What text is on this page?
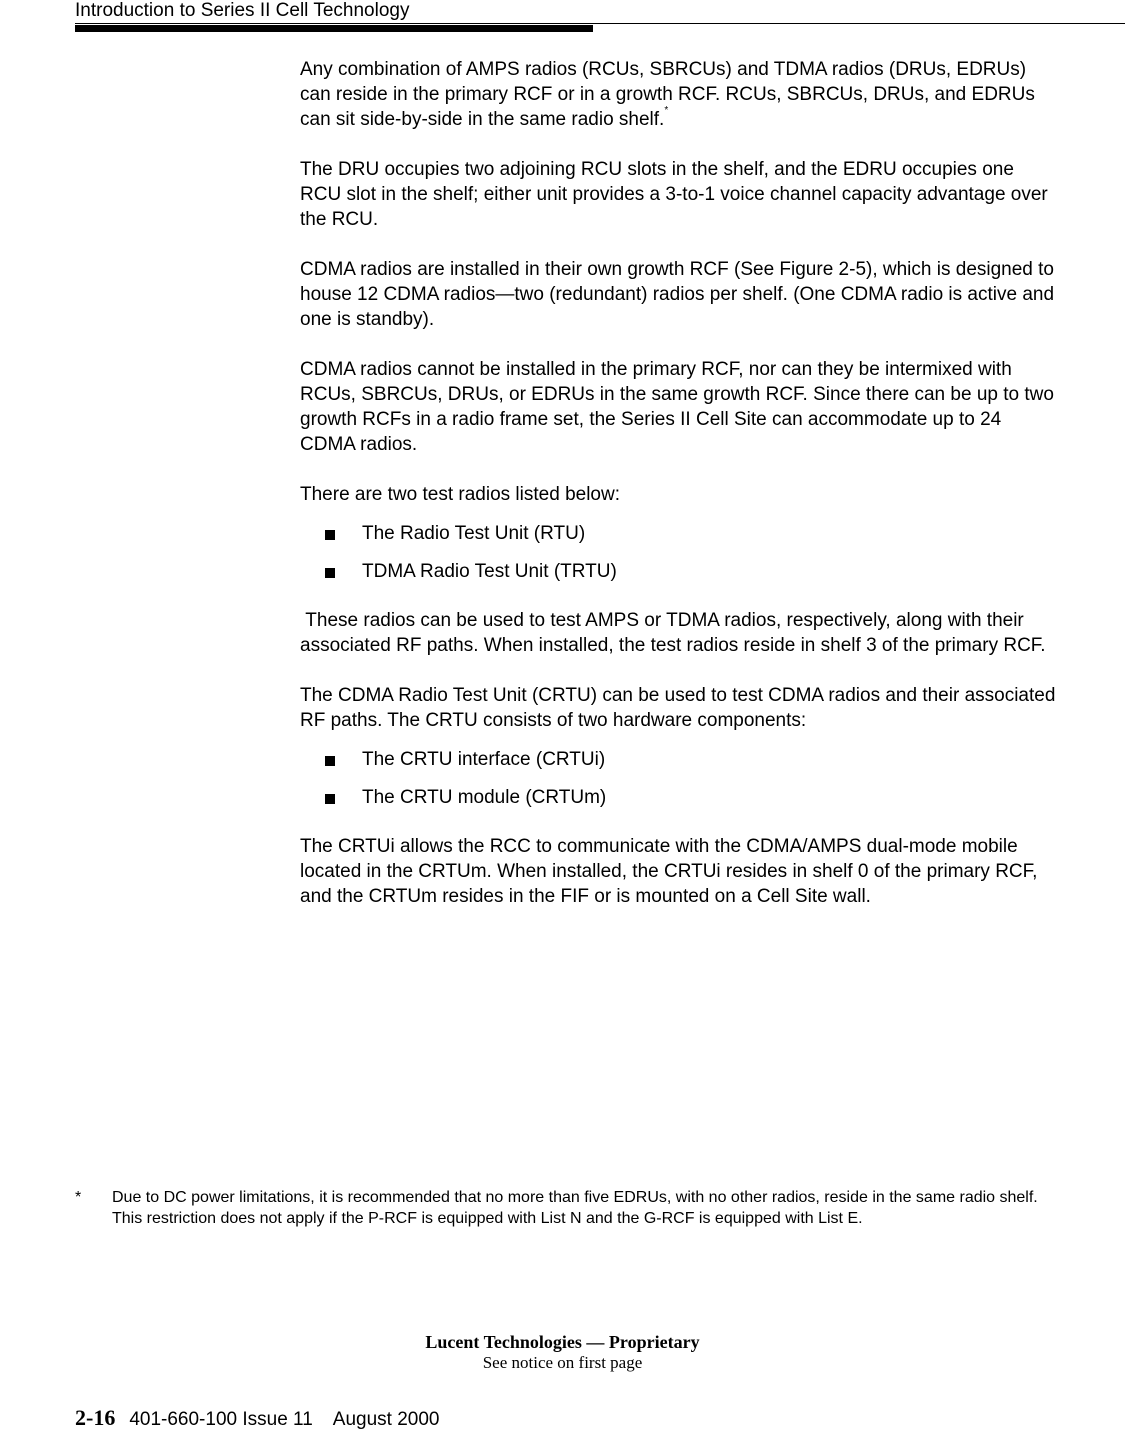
Introduction to Series II Cell Technology

Any combination of AMPS radios (RCUs, SBRCUs) and TDMA radios (DRUs, EDRUs) can reside in the primary RCF or in a growth RCF. RCUs, SBRCUs, DRUs, and EDRUs can sit side-by-side in the same radio shelf.*

The DRU occupies two adjoining RCU slots in the shelf, and the EDRU occupies one RCU slot in the shelf; either unit provides a 3-to-1 voice channel capacity advantage over the RCU.

CDMA radios are installed in their own growth RCF (See Figure 2-5), which is designed to house 12 CDMA radios—two (redundant) radios per shelf. (One CDMA radio is active and one is standby).

CDMA radios cannot be installed in the primary RCF, nor can they be intermixed with RCUs, SBRCUs, DRUs, or EDRUs in the same growth RCF. Since there can be up to two growth RCFs in a radio frame set, the Series II Cell Site can accommodate up to 24 CDMA radios.

There are two test radios listed below:

The Radio Test Unit (RTU)
TDMA Radio Test Unit (TRTU)

These radios can be used to test AMPS or TDMA radios, respectively, along with their associated RF paths. When installed, the test radios reside in shelf 3 of the primary RCF.

The CDMA Radio Test Unit (CRTU) can be used to test CDMA radios and their associated RF paths. The CRTU consists of two hardware components:

The CRTU interface (CRTUi)
The CRTU module (CRTUm)

The CRTUi allows the RCC to communicate with the CDMA/AMPS dual-mode mobile located in the CRTUm. When installed, the CRTUi resides in shelf 0 of the primary RCF, and the CRTUm resides in the FIF or is mounted on a Cell Site wall.

* Due to DC power limitations, it is recommended that no more than five EDRUs, with no other radios, reside in the same radio shelf. This restriction does not apply if the P-RCF is equipped with List N and the G-RCF is equipped with List E.
Lucent Technologies — Proprietary
See notice on first page
2-16 401-660-100 Issue 11 August 2000
